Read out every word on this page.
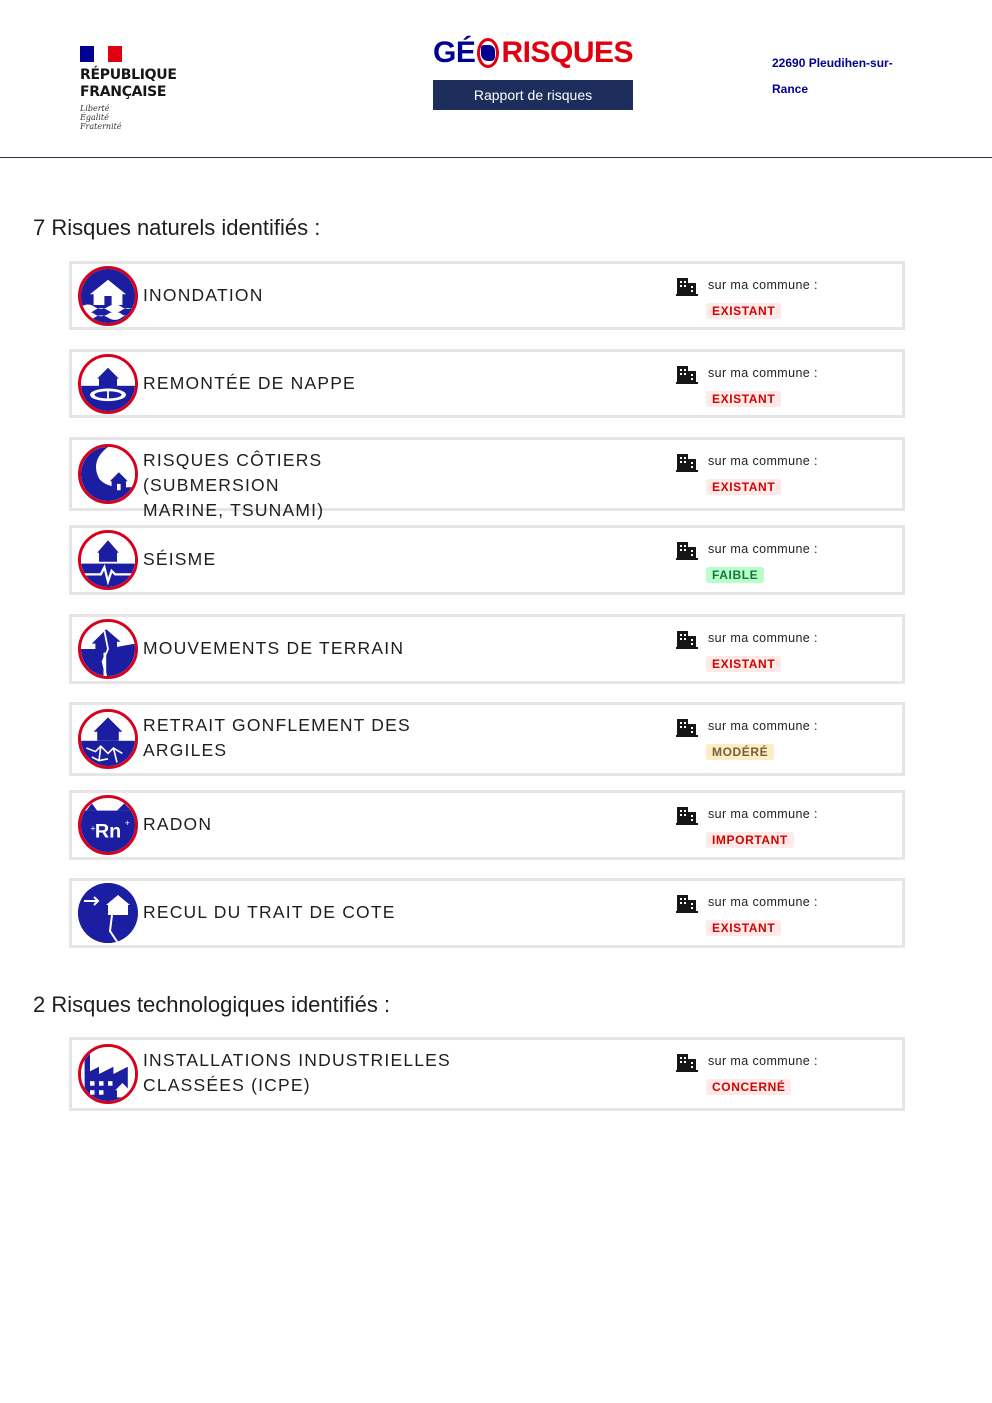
RÉPUBLIQUE
FRANÇAISE
Liberté
Égalité
Fraternité
GÉ RISQUES
Rapport de risques
22690 Pleudihen-sur-
Rance
7 Risques naturels identifiés :
INONDATION	sur ma commune :
EXISTANT
REMONTÉE DE NAPPE	sur ma commune :
EXISTANT
RISQUES CÔTIERS (SUBMERSION
MARINE, TSUNAMI)
sur ma commune :
EXISTANT
SÉISME	sur ma commune :
FAIBLE
MOUVEMENTS DE TERRAIN	sur ma commune :
EXISTANT
RETRAIT GONFLEMENT DES
ARGILES
sur ma commune :
MODÉRÉ
Rn
+
+ RADON	sur ma commune :
IMPORTANT
RECUL DU TRAIT DE COTE	sur ma commune :
EXISTANT
2 Risques technologiques identifiés :
INSTALLATIONS INDUSTRIELLES
CLASSÉES (ICPE)
sur ma commune :
CONCERNÉ
